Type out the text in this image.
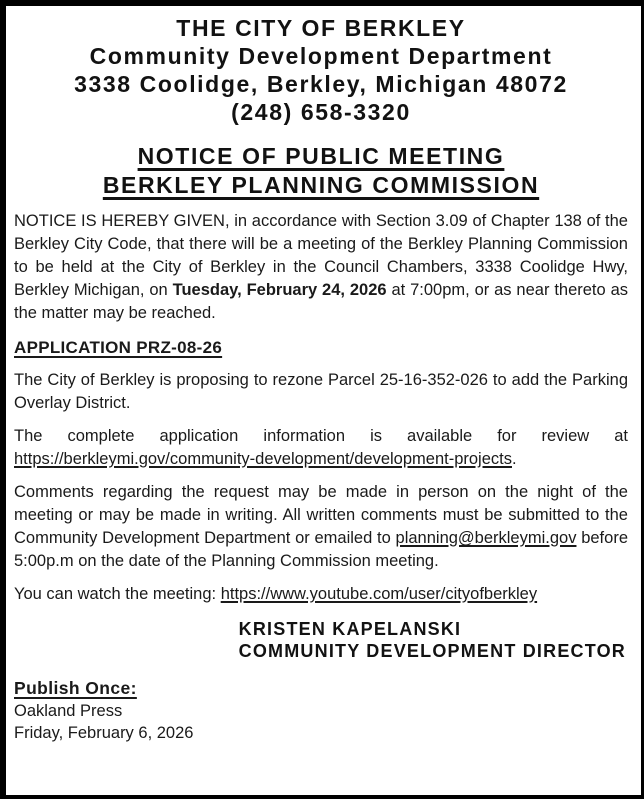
THE CITY OF BERKLEY
Community Development Department
3338 Coolidge, Berkley, Michigan 48072
(248) 658-3320
NOTICE OF PUBLIC MEETING
BERKLEY PLANNING COMMISSION

NOTICE IS HEREBY GIVEN, in accordance with Section 3.09 of Chapter 138 of the Berkley City Code, that there will be a meeting of the Berkley Planning Commission to be held at the City of Berkley in the Council Chambers, 3338 Coolidge Hwy, Berkley Michigan, on Tuesday, February 24, 2026 at 7:00pm, or as near thereto as the matter may be reached.

APPLICATION PRZ-08-26

The City of Berkley is proposing to rezone Parcel 25-16-352-026 to add the Parking Overlay District.

The complete application information is available for review at https://berkleymi.gov/community-development/development-projects.

Comments regarding the request may be made in person on the night of the meeting or may be made in writing. All written comments must be submitted to the Community Development Department or emailed to planning@berkleymi.gov before 5:00p.m on the date of the Planning Commission meeting.

You can watch the meeting: https://www.youtube.com/user/cityofberkley

KRISTEN KAPELANSKI
COMMUNITY DEVELOPMENT DIRECTOR
Publish Once:
Oakland Press
Friday, February 6, 2026
